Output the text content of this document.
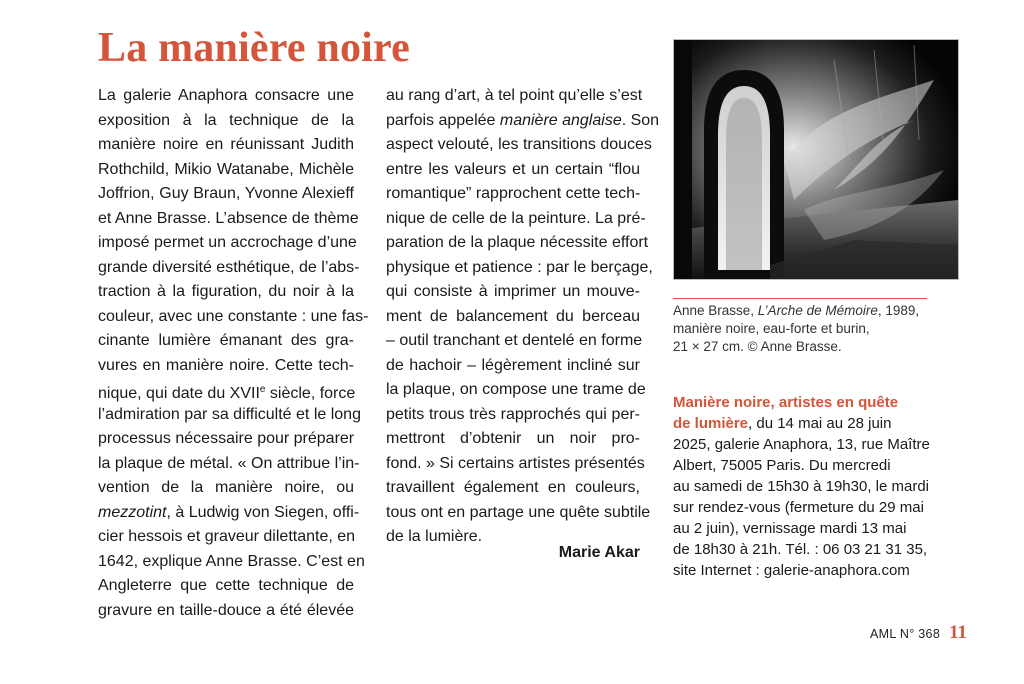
La manière noire
La galerie Anaphora consacre une
exposition à la technique de la
manière noire en réunissant Judith
Rothchild, Mikio Watanabe, Michèle
Joffrion, Guy Braun, Yvonne Alexieff
et Anne Brasse. L’absence de thème
imposé permet un accrochage d’une
grande diversité esthétique, de l’abs-
traction à la figuration, du noir à la
couleur, avec une constante : une fas-
cinante lumière émanant des gra-
vures en manière noire. Cette tech-
nique, qui date du XVIIe siècle, force
l’admiration par sa difficulté et le long
processus nécessaire pour préparer
la plaque de métal. « On attribue l’in-
vention de la manière noire, ou
mezzotint, à Ludwig von Siegen, offi-
cier hessois et graveur dilettante, en
1642, explique Anne Brasse. C’est en
Angleterre que cette technique de
gravure en taille-douce a été élevée
au rang d’art, à tel point qu’elle s’est
parfois appelée manière anglaise. Son
aspect velouté, les transitions douces
entre les valeurs et un certain “flou
romantique” rapprochent cette tech-
nique de celle de la peinture. La pré-
paration de la plaque nécessite effort
physique et patience : par le berçage,
qui consiste à imprimer un mouve-
ment de balancement du berceau
– outil tranchant et dentelé en forme
de hachoir – légèrement incliné sur
la plaque, on compose une trame de
petits trous très rapprochés qui per-
mettront d’obtenir un noir pro-
fond. » Si certains artistes présentés
travaillent également en couleurs,
tous ont en partage une quête subtile
de la lumière.

Marie Akar

Anne Brasse, L’Arche de Mémoire, 1989,
manière noire, eau-forte et burin,
21 × 27 cm. © Anne Brasse.
Manière noire, artistes en quête
de lumière, du 14 mai au 28 juin
2025, galerie Anaphora, 13, rue Maître
Albert, 75005 Paris. Du mercredi
au samedi de 15h30 à 19h30, le mardi
sur rendez-vous (fermeture du 29 mai
au 2 juin), vernissage mardi 13 mai
de 18h30 à 21h. Tél. : 06 03 21 31 35,
site Internet : galerie-anaphora.com
AML N° 368 11
